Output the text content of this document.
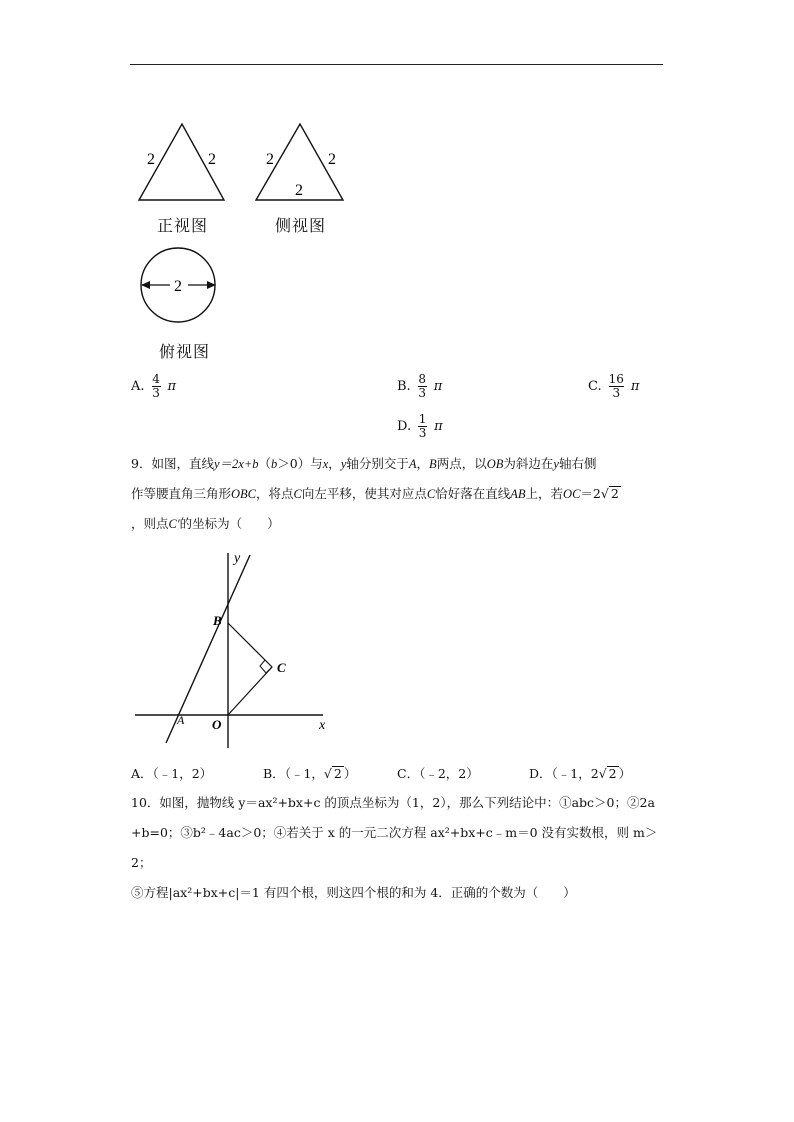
2	2	2	2
2
2
正视图	侧视图
俯视图
A. $\frac{4}{3}$ π	B. $\frac{8}{3}$ π	C. $\frac{16}{3}$ π
D. $\frac{1}{3}$ π
9．如图，直线y＝2x+b（b＞0）与x，y轴分别交于A，B两点，以OB为斜边在y轴右侧
作等腰直角三角形OBC，将点C向左平移，使其对应点C恰好落在直线AB上，若OC＝2√ 2
，则点C′的坐标为（　　）
y
x
B
C
A O
A．（﹣1，2）	B．（﹣1，√ 2 ）	C．（﹣2，2）	D．（﹣1，2√ 2 ）
10．如图，抛物线 y＝ax²+bx+c 的顶点坐标为（1，2），那么下列结论中：①abc＞0；②2a
+b=0；③b²﹣4ac＞0；④若关于 x 的一元二次方程 ax²+bx+c﹣m＝0 没有实数根，则 m＞2；
⑤方程|ax²+bx+c|＝1 有四个根，则这四个根的和为 4．正确的个数为（　　）
